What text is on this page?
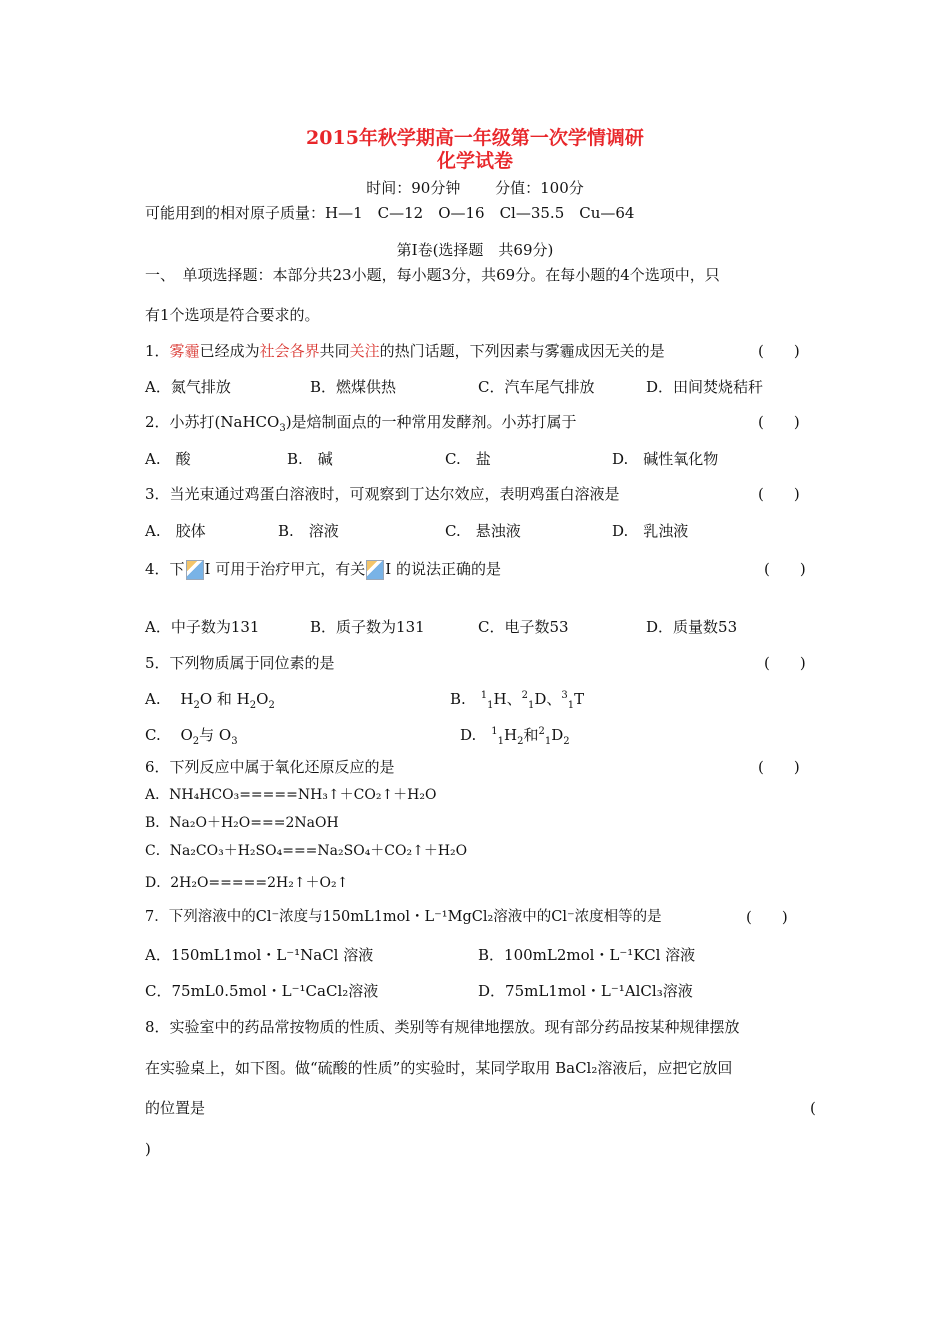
2015年秋学期高一年级第一次学情调研
化学试卷
时间：90分钟　　 分值：100分
可能用到的相对原子质量：H—1　C—12　O—16　Cl—35.5　Cu—64
第Ⅰ卷(选择题　共69分)
一、　单项选择题：本部分共23小题，每小题3分，共69分。在每小题的4个选项中，只
有1个选项是符合要求的。
1．雾霾已经成为社会各界共同关注的热门话题，下列因素与雾霾成因无关的是	(　　)
A．氮气排放	B．燃煤供热	C．汽车尾气排放	D．田间焚烧秸秆
2．小苏打(NaHCO$_3$)是焙制面点的一种常用发酵剂。小苏打属于	(　　)
A.　酸	B.　碱	C.　盐	D.　碱性氧化物
3．当光束通过鸡蛋白溶液时，可观察到丁达尔效应，表明鸡蛋白溶液是	(　　)
A.　胶体	B.　溶液	C.　悬浊液	D.　乳浊液
4．下 I 可用于治疗甲亢，有关 I 的说法正确的是	(　　)
A．中子数为131	B．质子数为131	C．电子数53	D．质量数53
5．下列物质属于同位素的是	(　　)
A.　 $H_2O$ 和 $H_2O_2$	B.　$^1_1$H、$^2_1$D、$^3_1$T
C.　 $O_2$与 $O_3$	D.　$^1_1H_2$和$^2_1D_2$
6．下列反应中属于氧化还原反应的是	(　　)
A．NH₄HCO₃=====NH₃↑＋CO₂↑＋H₂O
B．Na₂O＋H₂O===2NaOH
C．Na₂CO₃＋H₂SO₄===Na₂SO₄＋CO₂↑＋H₂O
D．2H₂O=====2H₂↑＋O₂↑
7．下列溶液中的Cl⁻浓度与150mL1mol・L⁻¹MgCl₂溶液中的Cl⁻浓度相等的是	(　　)
A．150mL1mol・L⁻¹NaCl 溶液	B．100mL2mol・L⁻¹KCl 溶液
C．75mL0.5mol・L⁻¹CaCl₂溶液	D．75mL1mol・L⁻¹AlCl₃溶液
8．实验室中的药品常按物质的性质、类别等有规律地摆放。现有部分药品按某种规律摆放
在实验桌上，如下图。做“硫酸的性质”的实验时，某同学取用 BaCl₂溶液后，应把它放回
的位置是	(
)
